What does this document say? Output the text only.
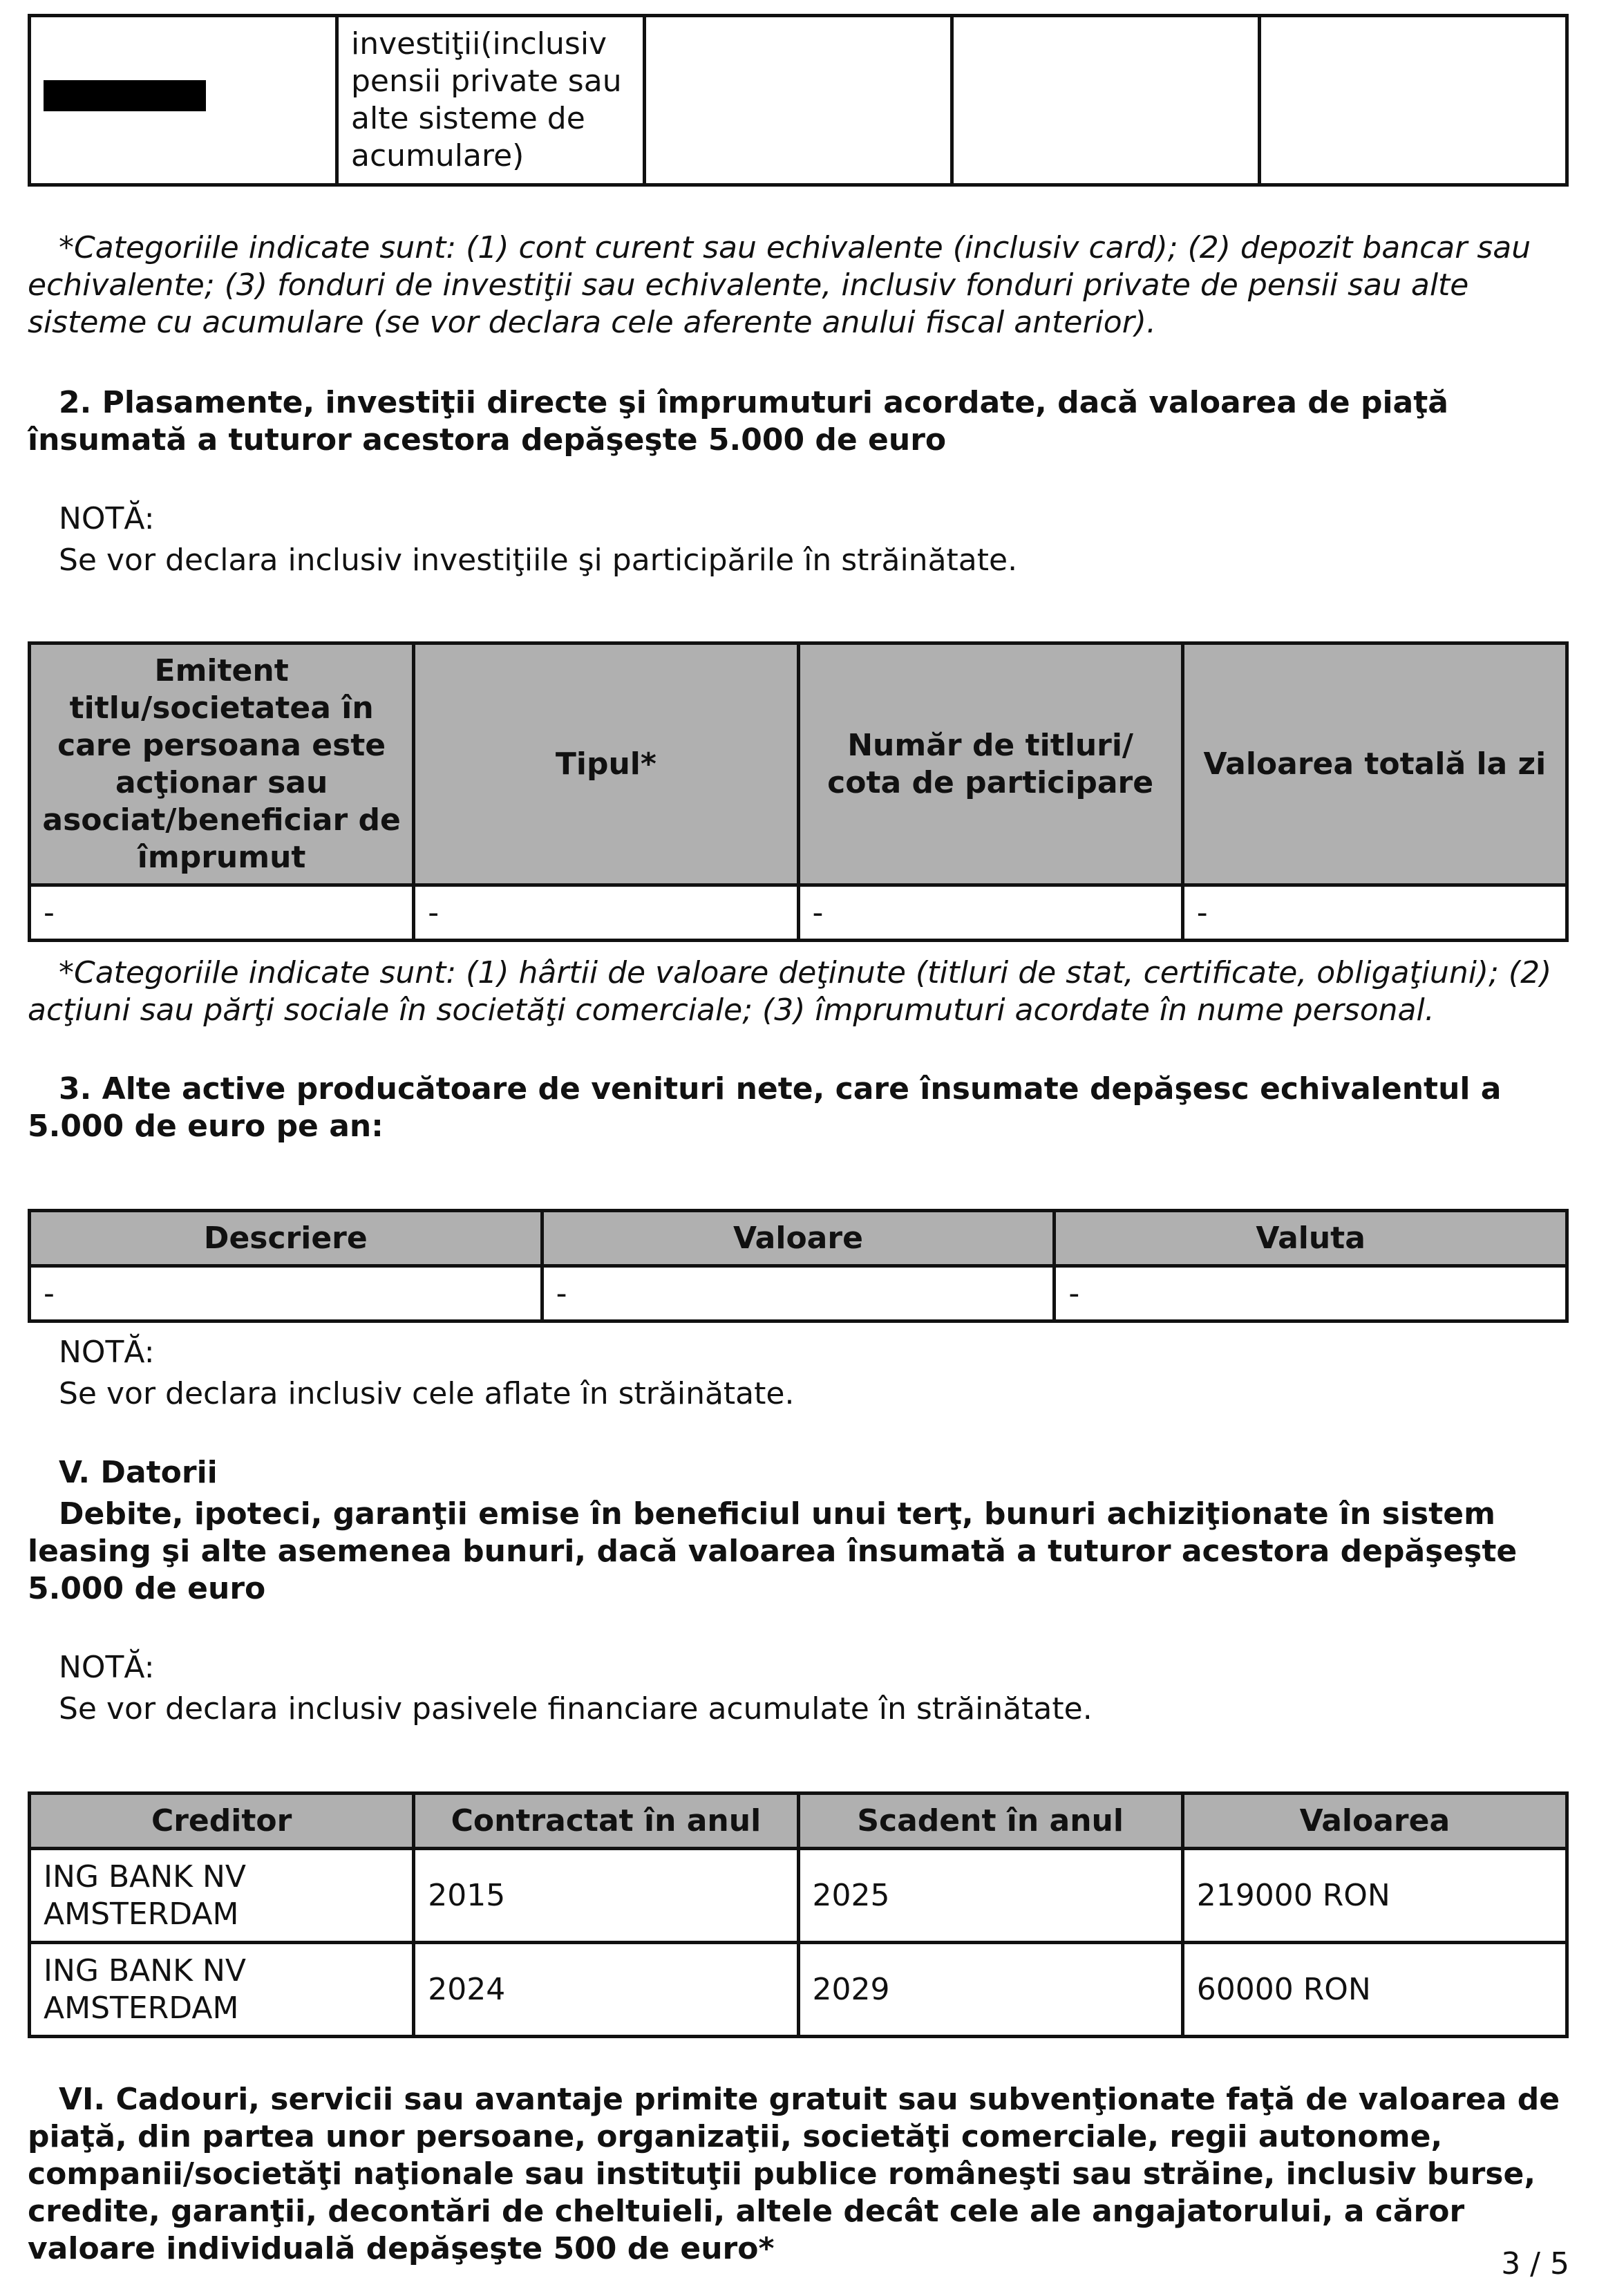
	investiţii(inclusiv pensii private sau alte sisteme de acumulare)			
*Categoriile indicate sunt: (1) cont curent sau echivalente (inclusiv card); (2) depozit bancar sau echivalente; (3) fonduri de investiţii sau echivalente, inclusiv fonduri private de pensii sau alte sisteme cu acumulare (se vor declara cele aferente anului fiscal anterior).
2. Plasamente, investiţii directe şi împrumuturi acordate, dacă valoarea de piaţă însumată a tuturor acestora depăşeşte 5.000 de euro
NOTĂ:
Se vor declara inclusiv investiţiile şi participările în străinătate.
Emitent titlu/societatea în care persoana este acţionar sau asociat/beneficiar de împrumut	Tipul*	Număr de titluri/ cota de participare	Valoarea totală la zi
-	-	-	-
*Categoriile indicate sunt: (1) hârtii de valoare deţinute (titluri de stat, certificate, obligaţiuni); (2) acţiuni sau părţi sociale în societăţi comerciale; (3) împrumuturi acordate în nume personal.
3. Alte active producătoare de venituri nete, care însumate depăşesc echivalentul a 5.000 de euro pe an:
Descriere	Valoare	Valuta
-	-	-
NOTĂ:
Se vor declara inclusiv cele aflate în străinătate.
V. Datorii
Debite, ipoteci, garanţii emise în beneficiul unui terţ, bunuri achiziţionate în sistem leasing şi alte asemenea bunuri, dacă valoarea însumată a tuturor acestora depăşeşte 5.000 de euro
NOTĂ:
Se vor declara inclusiv pasivele financiare acumulate în străinătate.
Creditor	Contractat în anul	Scadent în anul	Valoarea
ING BANK NV AMSTERDAM	2015	2025	219000 RON
ING BANK NV AMSTERDAM	2024	2029	60000 RON
VI. Cadouri, servicii sau avantaje primite gratuit sau subvenţionate faţă de valoarea de piaţă, din partea unor persoane, organizaţii, societăţi comerciale, regii autonome, companii/societăţi naţionale sau instituţii publice româneşti sau străine, inclusiv burse, credite, garanţii, decontări de cheltuieli, altele decât cele ale angajatorului, a căror valoare individuală depăşeşte 500 de euro*	3 / 5
